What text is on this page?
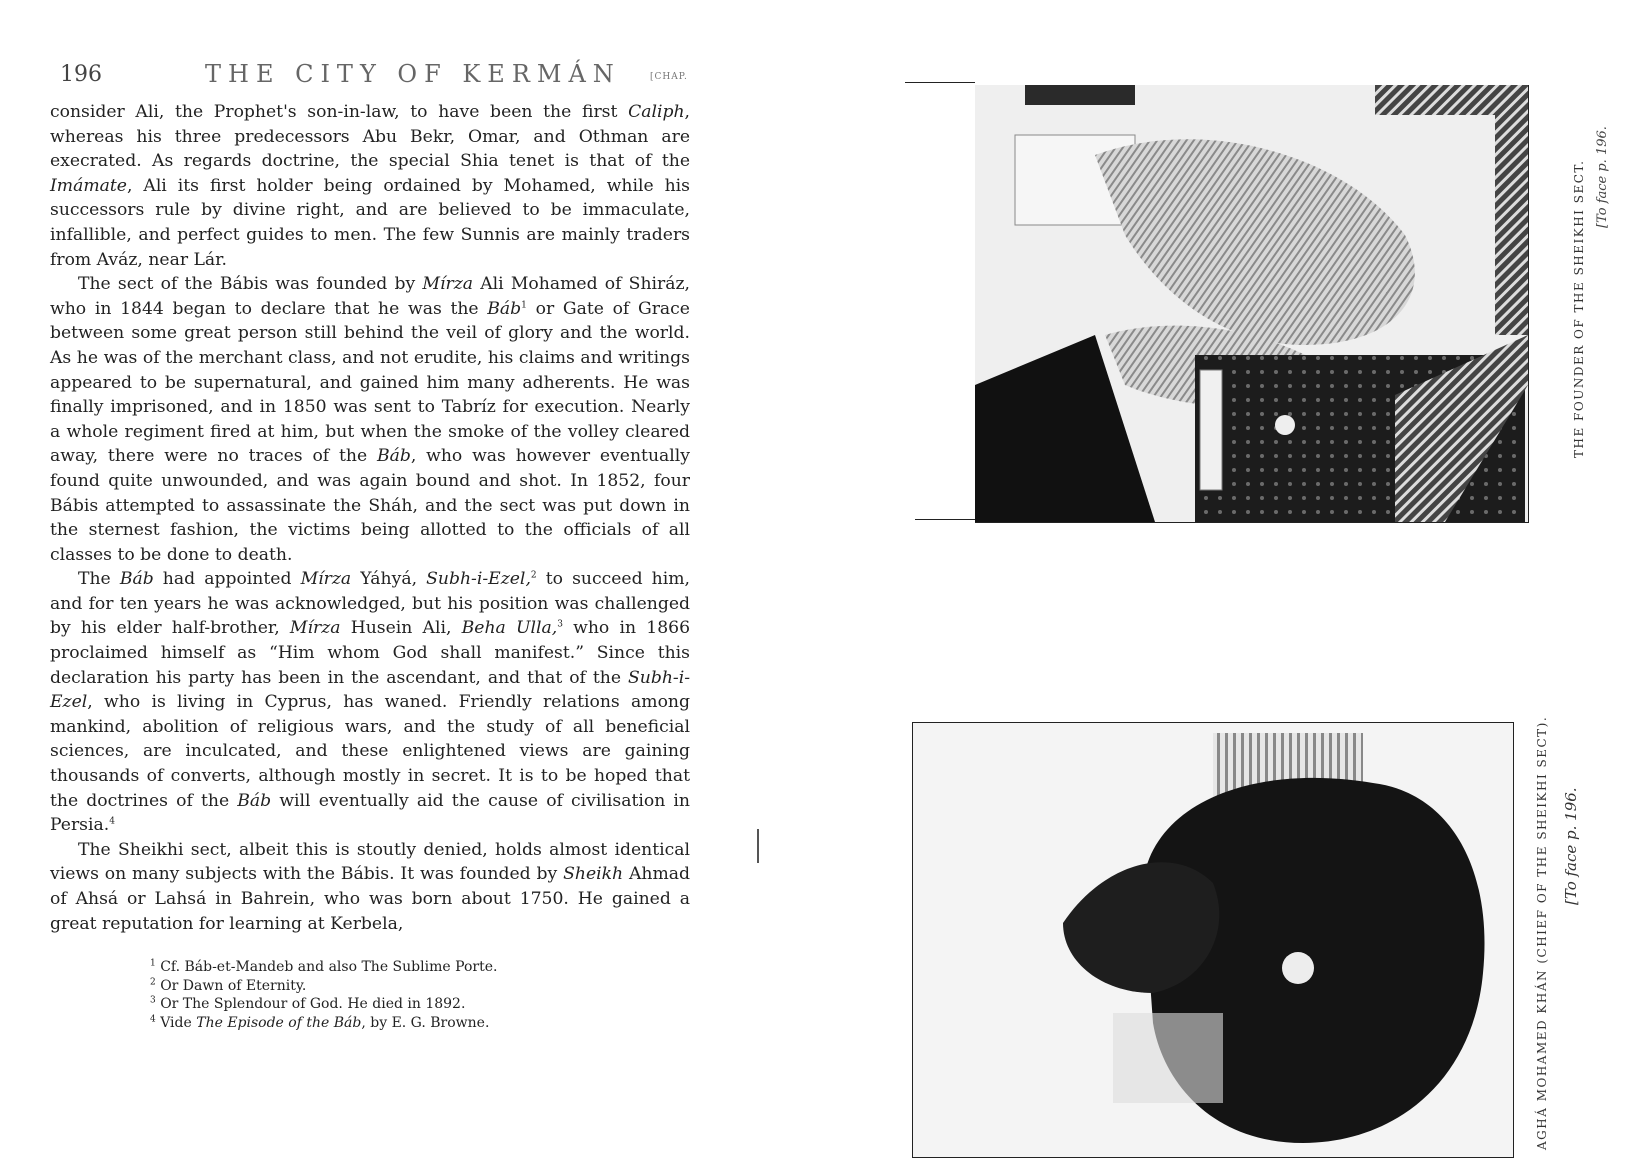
196	THE CITY OF KERMÁN	[CHAP.

consider Ali, the Prophet's son-in-law, to have been the first Caliph, whereas his three predecessors Abu Bekr, Omar, and Othman are execrated. As regards doctrine, the special Shia tenet is that of the Imámate, Ali its first holder being ordained by Mohamed, while his successors rule by divine right, and are believed to be immaculate, infallible, and perfect guides to men. The few Sunnis are mainly traders from Aváz, near Lár.

The sect of the Bábis was founded by Mírza Ali Mohamed of Shiráz, who in 1844 began to declare that he was the Báb$^1$ or Gate of Grace between some great person still behind the veil of glory and the world. As he was of the merchant class, and not erudite, his claims and writings appeared to be supernatural, and gained him many adherents. He was finally imprisoned, and in 1850 was sent to Tabríz for execution. Nearly a whole regiment fired at him, but when the smoke of the volley cleared away, there were no traces of the Báb, who was however eventually found quite unwounded, and was again bound and shot. In 1852, four Bábis attempted to assassinate the Sháh, and the sect was put down in the sternest fashion, the victims being allotted to the officials of all classes to be done to death.

The Báb had appointed Mírza Yáhyá, Subh-i-Ezel,$^2$ to succeed him, and for ten years he was acknowledged, but his position was challenged by his elder half-brother, Mírza Husein Ali, Beha Ulla,$^3$ who in 1866 proclaimed himself as “Him whom God shall manifest.” Since this declaration his party has been in the ascendant, and that of the Subh-i-Ezel, who is living in Cyprus, has waned. Friendly relations among mankind, abolition of religious wars, and the study of all beneficial sciences, are inculcated, and these enlightened views are gaining thousands of converts, although mostly in secret. It is to be hoped that the doctrines of the Báb will eventually aid the cause of civilisation in Persia.$^4$

The Sheikhi sect, albeit this is stoutly denied, holds almost identical views on many subjects with the Bábis. It was founded by Sheikh Ahmad of Ahsá or Lahsá in Bahrein, who was born about 1750. He gained a great reputation for learning at Kerbela,

$^1$ Cf. Báb-et-Mandeb and also The Sublime Porte.
$^2$ Or Dawn of Eternity.
$^3$ Or The Splendour of God. He died in 1892.
$^4$ Vide The Episode of the Báb, by E. G. Browne.
THE FOUNDER OF THE SHEIKHI SECT. [To face p. 196.
AGHÁ MOHAMED KHÁN (CHIEF OF THE SHEIKHI SECT). [To face p. 196.
